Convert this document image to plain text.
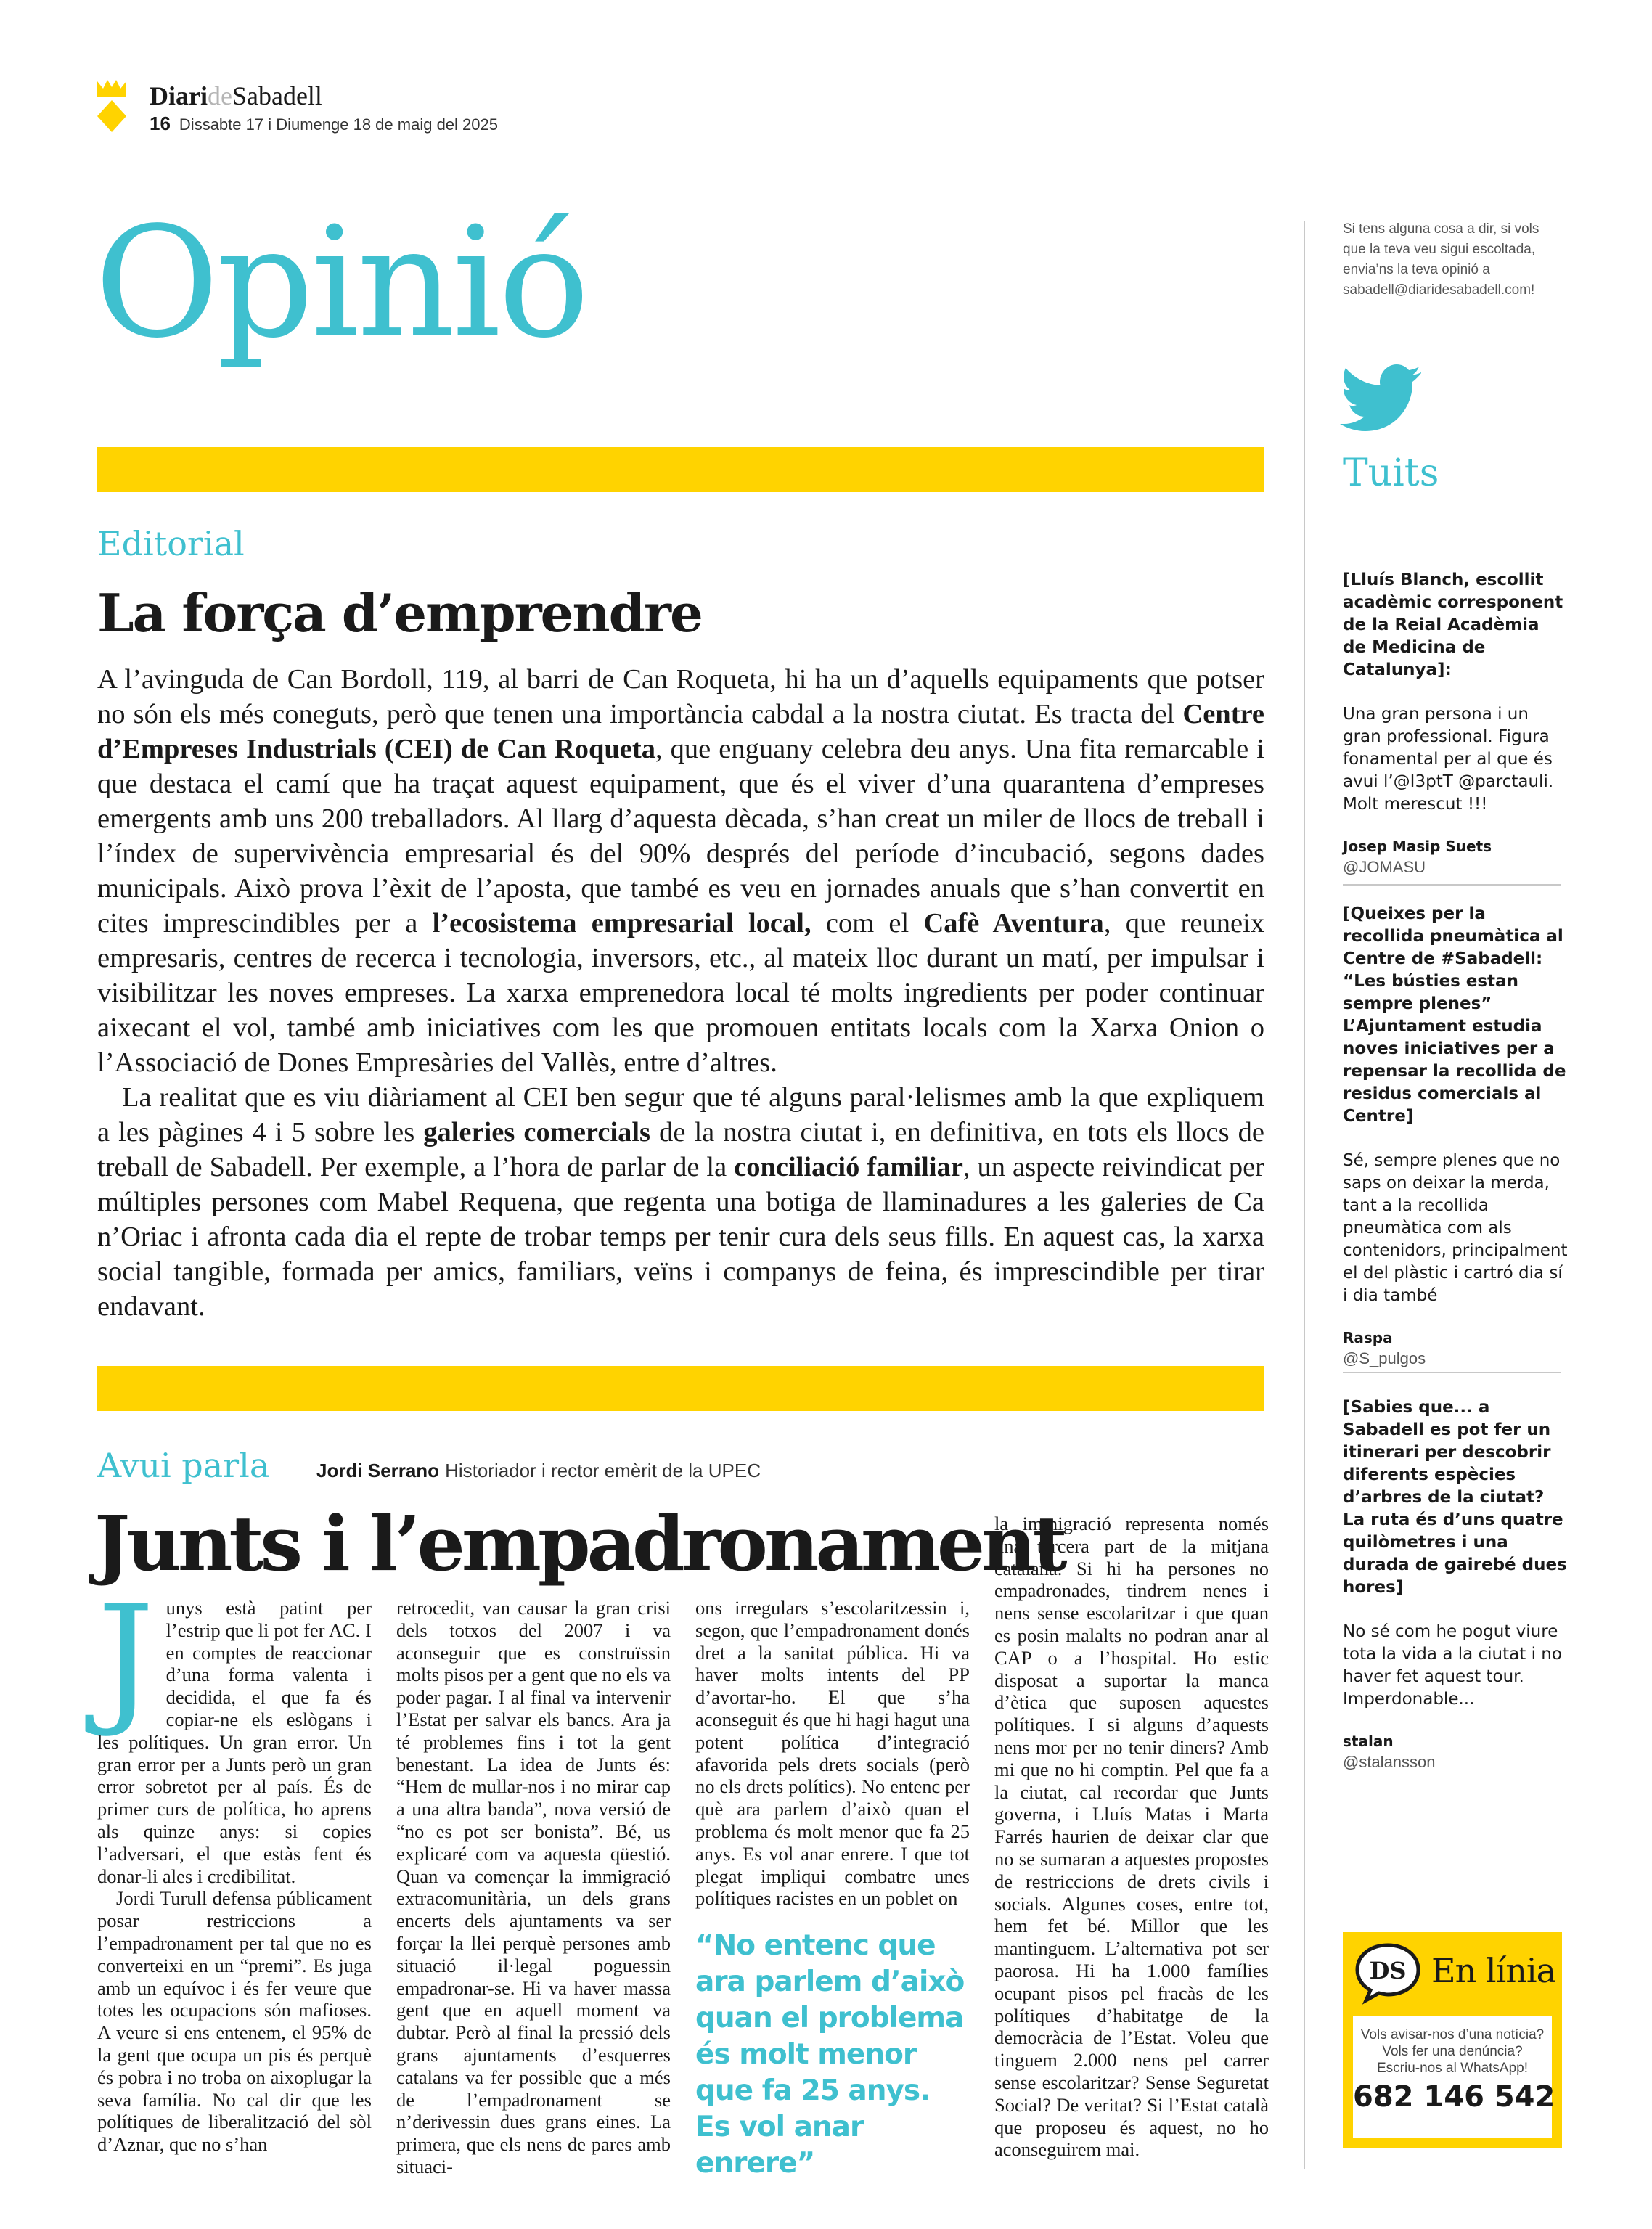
DiarideSabadell
16 Dissabte 17 i Diumenge 18 de maig del 2025
Opinió
Editorial
La força d’emprendre

A l’avinguda de Can Bordoll, 119, al barri de Can Roqueta, hi ha un d’aquells equipaments que potser no són els més coneguts, però que tenen una importància cabdal a la nostra ciutat. Es tracta del Centre d’Empreses Industrials (CEI) de Can Roqueta, que enguany celebra deu anys. Una fita remarcable i que destaca el camí que ha traçat aquest equipament, que és el viver d’una quarantena d’empreses emergents amb uns 200 treballadors. Al llarg d’aquesta dècada, s’han creat un miler de llocs de treball i l’índex de supervivència empresarial és del 90% després del període d’incubació, segons dades municipals. Això prova l’èxit de l’aposta, que també es veu en jornades anuals que s’han convertit en cites imprescindibles per a l’ecosistema empresarial local, com el Cafè Aventura, que reuneix empresaris, centres de recerca i tecnologia, inversors, etc., al mateix lloc durant un matí, per impulsar i visibilitzar les noves empreses. La xarxa emprenedora local té molts ingredients per poder continuar aixecant el vol, també amb iniciatives com les que promouen entitats locals com la Xarxa Onion o l’Associació de Dones Empresàries del Vallès, entre d’altres.

La realitat que es viu diàriament al CEI ben segur que té alguns paral·lelismes amb la que expliquem a les pàgines 4 i 5 sobre les galeries comercials de la nostra ciutat i, en definitiva, en tots els llocs de treball de Sabadell. Per exemple, a l’hora de parlar de la conciliació familiar, un aspecte reivindicat per múltiples persones com Mabel Requena, que regenta una botiga de llaminadures a les galeries de Ca n’Oriac i afronta cada dia el repte de trobar temps per tenir cura dels seus fills. En aquest cas, la xarxa social tangible, formada per amics, familiars, veïns i companys de feina, és imprescindible per tirar endavant.

Avui parla Jordi Serrano Historiador i rector emèrit de la UPEC
Junts i l’empadronament

Junys està patint per l’estrip que li pot fer AC. I en comptes de reaccionar d’una forma valenta i decidida, el que fa és copiar-ne els eslògans i les polítiques. Un gran error. Un gran error per a Junts però un gran error sobretot per al país. És de primer curs de política, ho aprens als quinze anys: si copies l’adversari, el que estàs fent és donar-li ales i credibilitat.

Jordi Turull defensa públicament posar restriccions a l’empadronament per tal que no es converteixi en un “premi”. Es juga amb un equívoc i és fer veure que totes les ocupacions són mafioses. A veure si ens entenem, el 95% de la gent que ocupa un pis és perquè és pobra i no troba on aixoplugar la seva família. No cal dir que les polítiques de liberalització del sòl d’Aznar, que no s’han

retrocedit, van causar la gran crisi dels totxos del 2007 i va aconseguir que es construïssin molts pisos per a gent que no els va poder pagar. I al final va intervenir l’Estat per salvar els bancs. Ara ja té problemes fins i tot la gent benestant. La idea de Junts és: “Hem de mullar-nos i no mirar cap a una altra banda”, nova versió de “no es pot ser bonista”. Bé, us explicaré com va aquesta qüestió. Quan va començar la immigració extracomunitària, un dels grans encerts dels ajuntaments va ser forçar la llei perquè persones amb situació il·legal poguessin empadronar-se. Hi va haver massa gent que en aquell moment va dubtar. Però al final la pressió dels grans ajuntaments d’esquerres catalans va fer possible que a més de l’empadronament se n’derivessin dues grans eines. La primera, que els nens de pares amb situaci-

ons irregulars s’escolaritzessin i, segon, que l’empadronament donés dret a la sanitat pública. Hi va haver molts intents del PP d’avortar-ho. El que s’ha aconseguit és que hi hagi hagut una potent política d’integració afavorida pels drets socials (però no els drets polítics). No entenc per què ara parlem d’això quan el problema és molt menor que fa 25 anys. Es vol anar enrere. I que tot plegat impliqui combatre unes polítiques racistes en un poblet on

“No entenc que ara parlem d’això quan el problema és molt menor que fa 25 anys. Es vol anar enrere”

la immigració representa només una tercera part de la mitjana catalana. Si hi ha persones no empadronades, tindrem nenes i nens sense escolaritzar i que quan es posin malalts no podran anar al CAP o a l’hospital. Ho estic disposat a suportar la manca d’ètica que suposen aquestes polítiques. I si alguns d’aquests nens mor per no tenir diners? Amb mi que no hi comptin. Pel que fa a la ciutat, cal recordar que Junts governa, i Lluís Matas i Marta Farrés haurien de deixar clar que no se sumaran a aquestes propostes de restriccions de drets civils i socials. Algunes coses, entre tot, hem fet bé. Millor que les mantinguem. L’alternativa pot ser paorosa. Hi ha 1.000 famílies ocupant pisos pel fracàs de les polítiques d’habitatge de la democràcia de l’Estat. Voleu que tinguem 2.000 nens pel carrer sense escolaritzar? Sense Seguretat Social? De veritat? Si l’Estat català que proposeu és aquest, no ho aconseguirem mai.

Si tens alguna cosa a dir, si vols que la teva veu sigui escoltada, envia’ns la teva opinió a sabadell@diaridesabadell.com!
Tuits
[Lluís Blanch, escollit acadèmic corresponent de la Reial Acadèmia de Medicina de Catalunya]:
Una gran persona i un gran professional. Figura fonamental per al que és avui l’@I3ptT @parctauli. Molt merescut !!!
Josep Masip Suets
@JOMASU
[Queixes per la recollida pneumàtica al Centre de #Sabadell: “Les bústies estan sempre plenes” L’Ajuntament estudia noves iniciatives per a repensar la recollida de residus comercials al Centre]
Sé, sempre plenes que no saps on deixar la merda, tant a la recollida pneumàtica com als contenidors, principalment el del plàstic i cartró dia sí i dia també
Raspa
@S_pulgos
[Sabies que... a Sabadell es pot fer un itinerari per descobrir diferents espècies d’arbres de la ciutat? La ruta és d’uns quatre quilòmetres i una durada de gairebé dues hores]
No sé com he pogut viure tota la vida a la ciutat i no haver fet aquest tour. Imperdonable...
stalan
@stalansson
DS En línia
Vols avisar-nos d’una notícia? Vols fer una denúncia? Escriu-nos al WhatsApp!
682 146 542
